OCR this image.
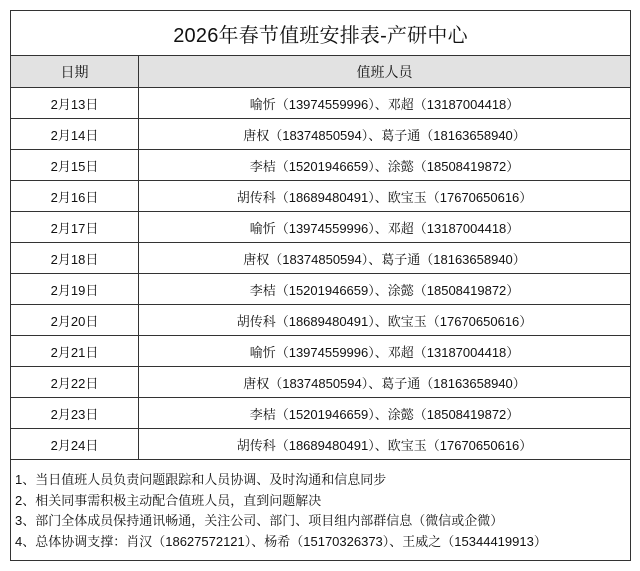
2026年春节值班安排表-产研中心	
日期	值班人员
2月13日	喻忻（13974559996）、邓超（13187004418）
2月14日	唐权（18374850594）、葛子通（18163658940）
2月15日	李桔（15201946659）、涂懿（18508419872）
2月16日	胡传科（18689480491）、欧宝玉（17670650616）
2月17日	喻忻（13974559996）、邓超（13187004418）
2月18日	唐权（18374850594）、葛子通（18163658940）
2月19日	李桔（15201946659）、涂懿（18508419872）
2月20日	胡传科（18689480491）、欧宝玉（17670650616）
2月21日	喻忻（13974559996）、邓超（13187004418）
2月22日	唐权（18374850594）、葛子通（18163658940）
2月23日	李桔（15201946659）、涂懿（18508419872）
2月24日	胡传科（18689480491）、欧宝玉（17670650616）

1、当日值班人员负责问题跟踪和人员协调、及时沟通和信息同步
2、相关同事需积极主动配合值班人员，直到问题解决
3、部门全体成员保持通讯畅通，关注公司、部门、项目组内部群信息（微信或企微）
4、总体协调支撑：肖汉（18627572121）、杨希（15170326373）、王威之（15344419913）	
